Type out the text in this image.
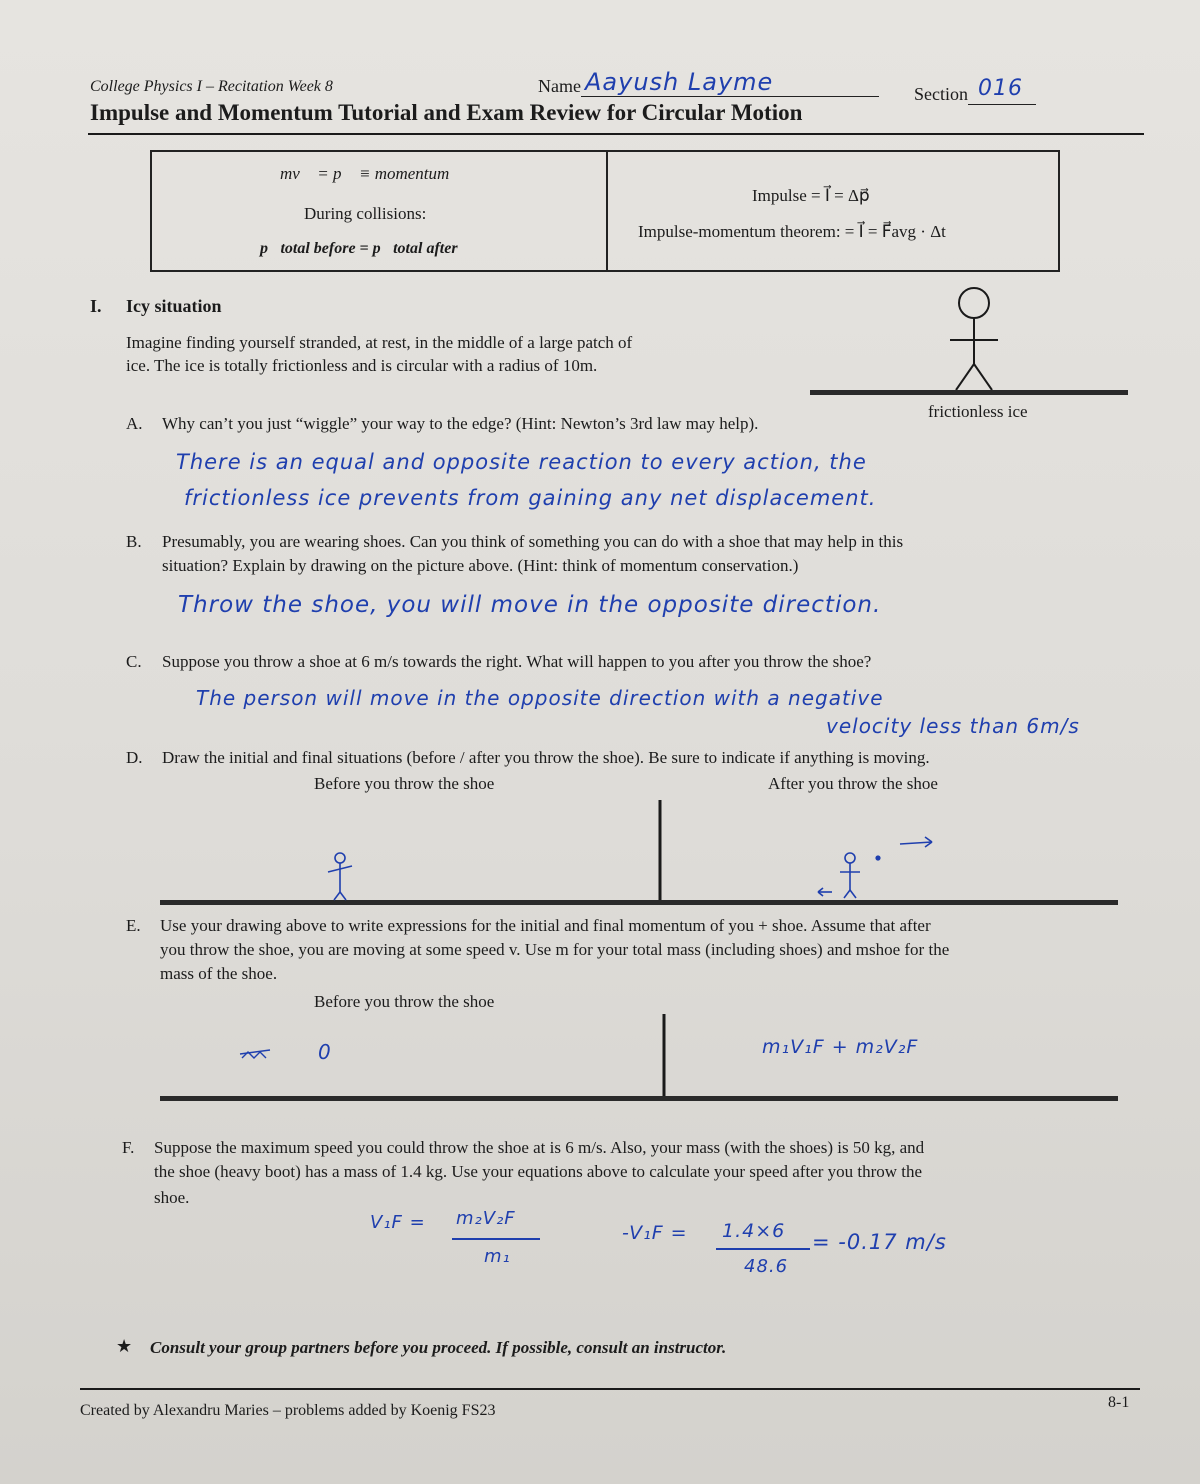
College Physics I – Recitation Week 8	Name Aayush Layme	Section 016
Impulse and Momentum Tutorial and Exam Review for Circular Motion
mv⃗ = p⃗ ≡ momentum
During collisions:
p⃗total before = p⃗total after
Impulse = I⃗ = Δp⃗
Impulse-momentum theorem: = I⃗ = F⃗avg · Δt
I. Icy situation
Imagine finding yourself stranded, at rest, in the middle of a large patch of
ice. The ice is totally frictionless and is circular with a radius of 10m.
frictionless ice
A. Why can’t you just “wiggle” your way to the edge? (Hint: Newton’s 3rd law may help).
There is an equal and opposite reaction to every action, the
frictionless ice prevents from gaining any net displacement.
B. Presumably, you are wearing shoes. Can you think of something you can do with a shoe that may help in this
situation? Explain by drawing on the picture above. (Hint: think of momentum conservation.)
Throw the shoe, you will move in the opposite direction.
C. Suppose you throw a shoe at 6 m/s towards the right. What will happen to you after you throw the shoe?
The person will move in the opposite direction with a negative
velocity less than 6m/s
D. Draw the initial and final situations (before / after you throw the shoe). Be sure to indicate if anything is moving.
Before you throw the shoe	After you throw the shoe
E. Use your drawing above to write expressions for the initial and final momentum of you + shoe. Assume that after
you throw the shoe, you are moving at some speed v. Use m for your total mass (including shoes) and mshoe for the
mass of the shoe.
Before you throw the shoe
0	m₁V₁F + m₂V₂F
F. Suppose the maximum speed you could throw the shoe at is 6 m/s. Also, your mass (with the shoes) is 50 kg, and
the shoe (heavy boot) has a mass of 1.4 kg. Use your equations above to calculate your speed after you throw the
shoe.
V₁F = m₂V₂F
m₁
-V₁F = 1.4×6
48.6
= -0.17 m/s
★ Consult your group partners before you proceed. If possible, consult an instructor.
Created by Alexandru Maries – problems added by Koenig FS23	8-1
